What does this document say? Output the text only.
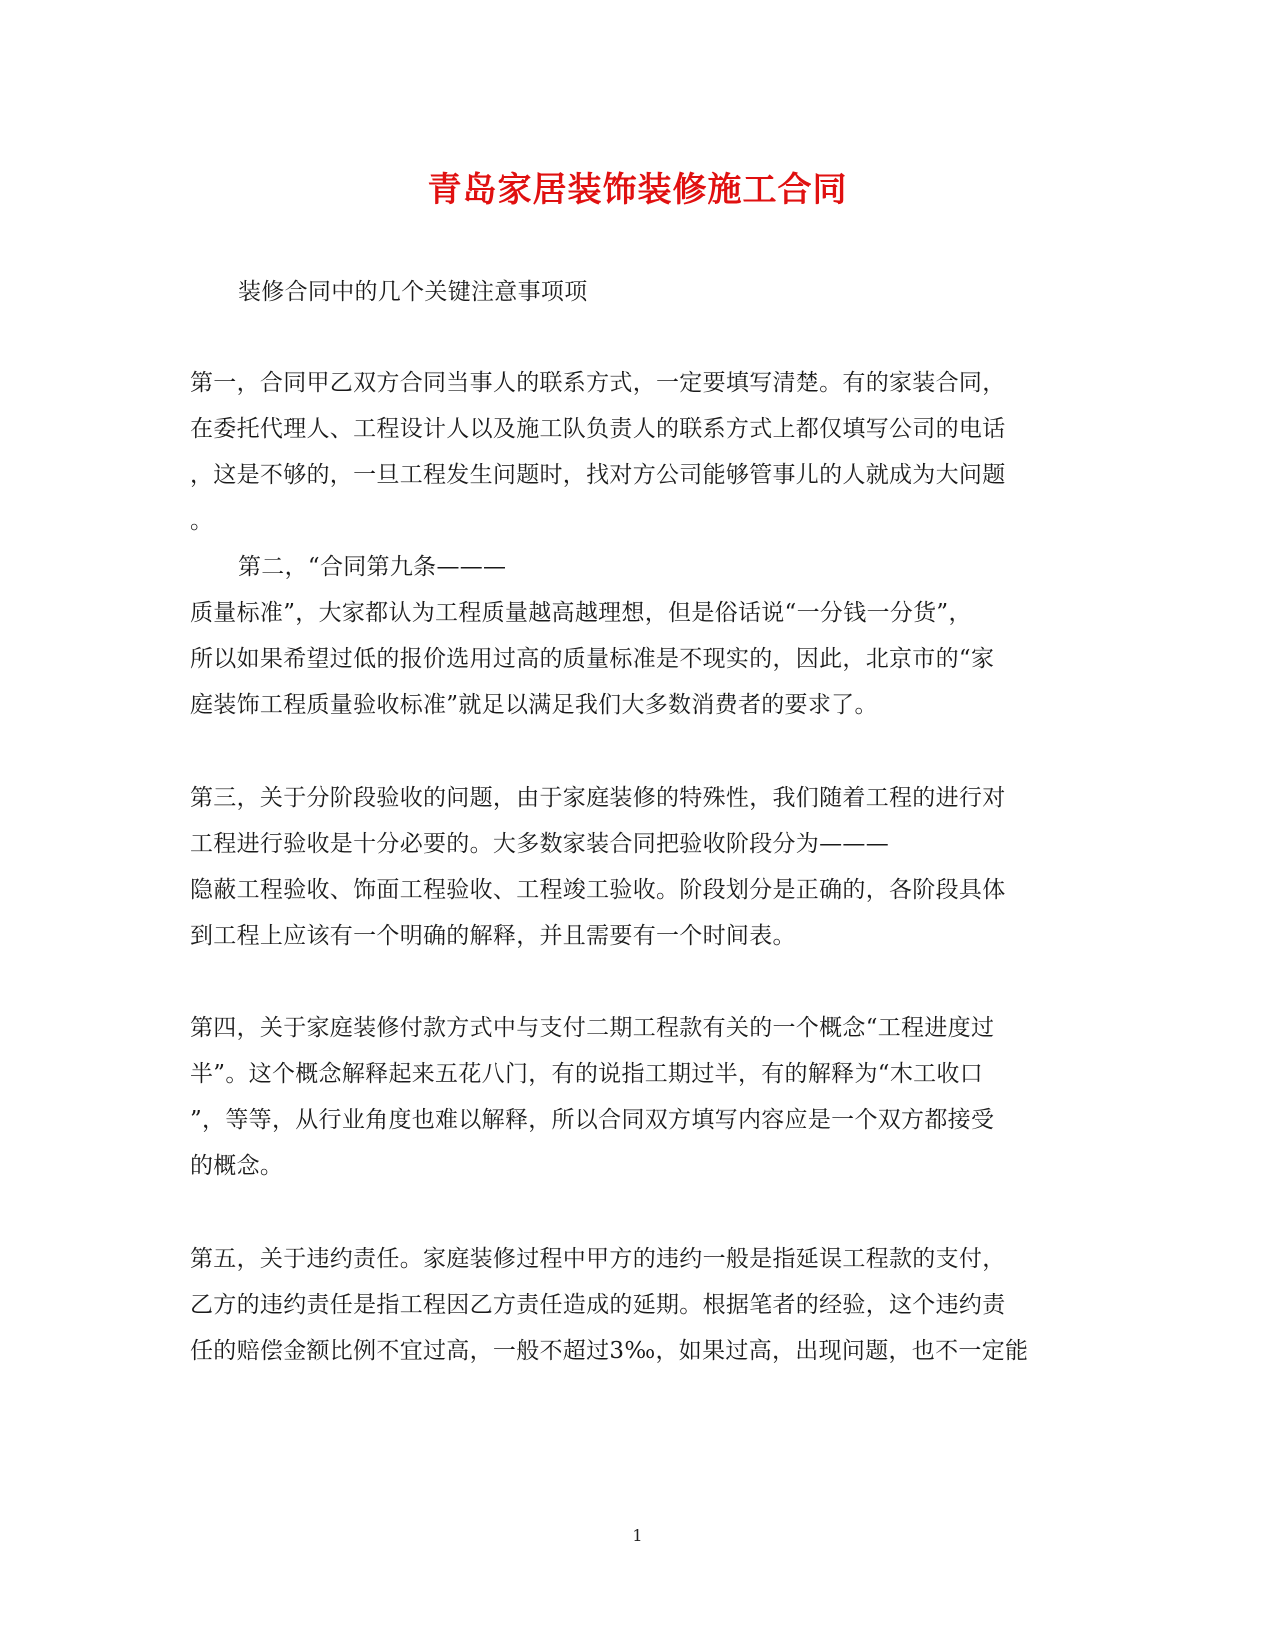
青岛家居装饰装修施工合同
装修合同中的几个关键注意事项项
第一，合同甲乙双方合同当事人的联系方式，一定要填写清楚。有的家装合同，
在委托代理人、工程设计人以及施工队负责人的联系方式上都仅填写公司的电话
，这是不够的，一旦工程发生问题时，找对方公司能够管事儿的人就成为大问题
。
第二，“合同第九条———
质量标准”，大家都认为工程质量越高越理想，但是俗话说“一分钱一分货”，
所以如果希望过低的报价选用过高的质量标准是不现实的，因此，北京市的“家
庭装饰工程质量验收标准”就足以满足我们大多数消费者的要求了。
第三，关于分阶段验收的问题，由于家庭装修的特殊性，我们随着工程的进行对
工程进行验收是十分必要的。大多数家装合同把验收阶段分为———
隐蔽工程验收、饰面工程验收、工程竣工验收。阶段划分是正确的，各阶段具体
到工程上应该有一个明确的解释，并且需要有一个时间表。
第四，关于家庭装修付款方式中与支付二期工程款有关的一个概念“工程进度过
半”。这个概念解释起来五花八门，有的说指工期过半，有的解释为“木工收口
”，等等，从行业角度也难以解释，所以合同双方填写内容应是一个双方都接受
的概念。
第五，关于违约责任。家庭装修过程中甲方的违约一般是指延误工程款的支付，
乙方的违约责任是指工程因乙方责任造成的延期。根据笔者的经验，这个违约责
任的赔偿金额比例不宜过高，一般不超过3‰，如果过高，出现问题，也不一定能
1
